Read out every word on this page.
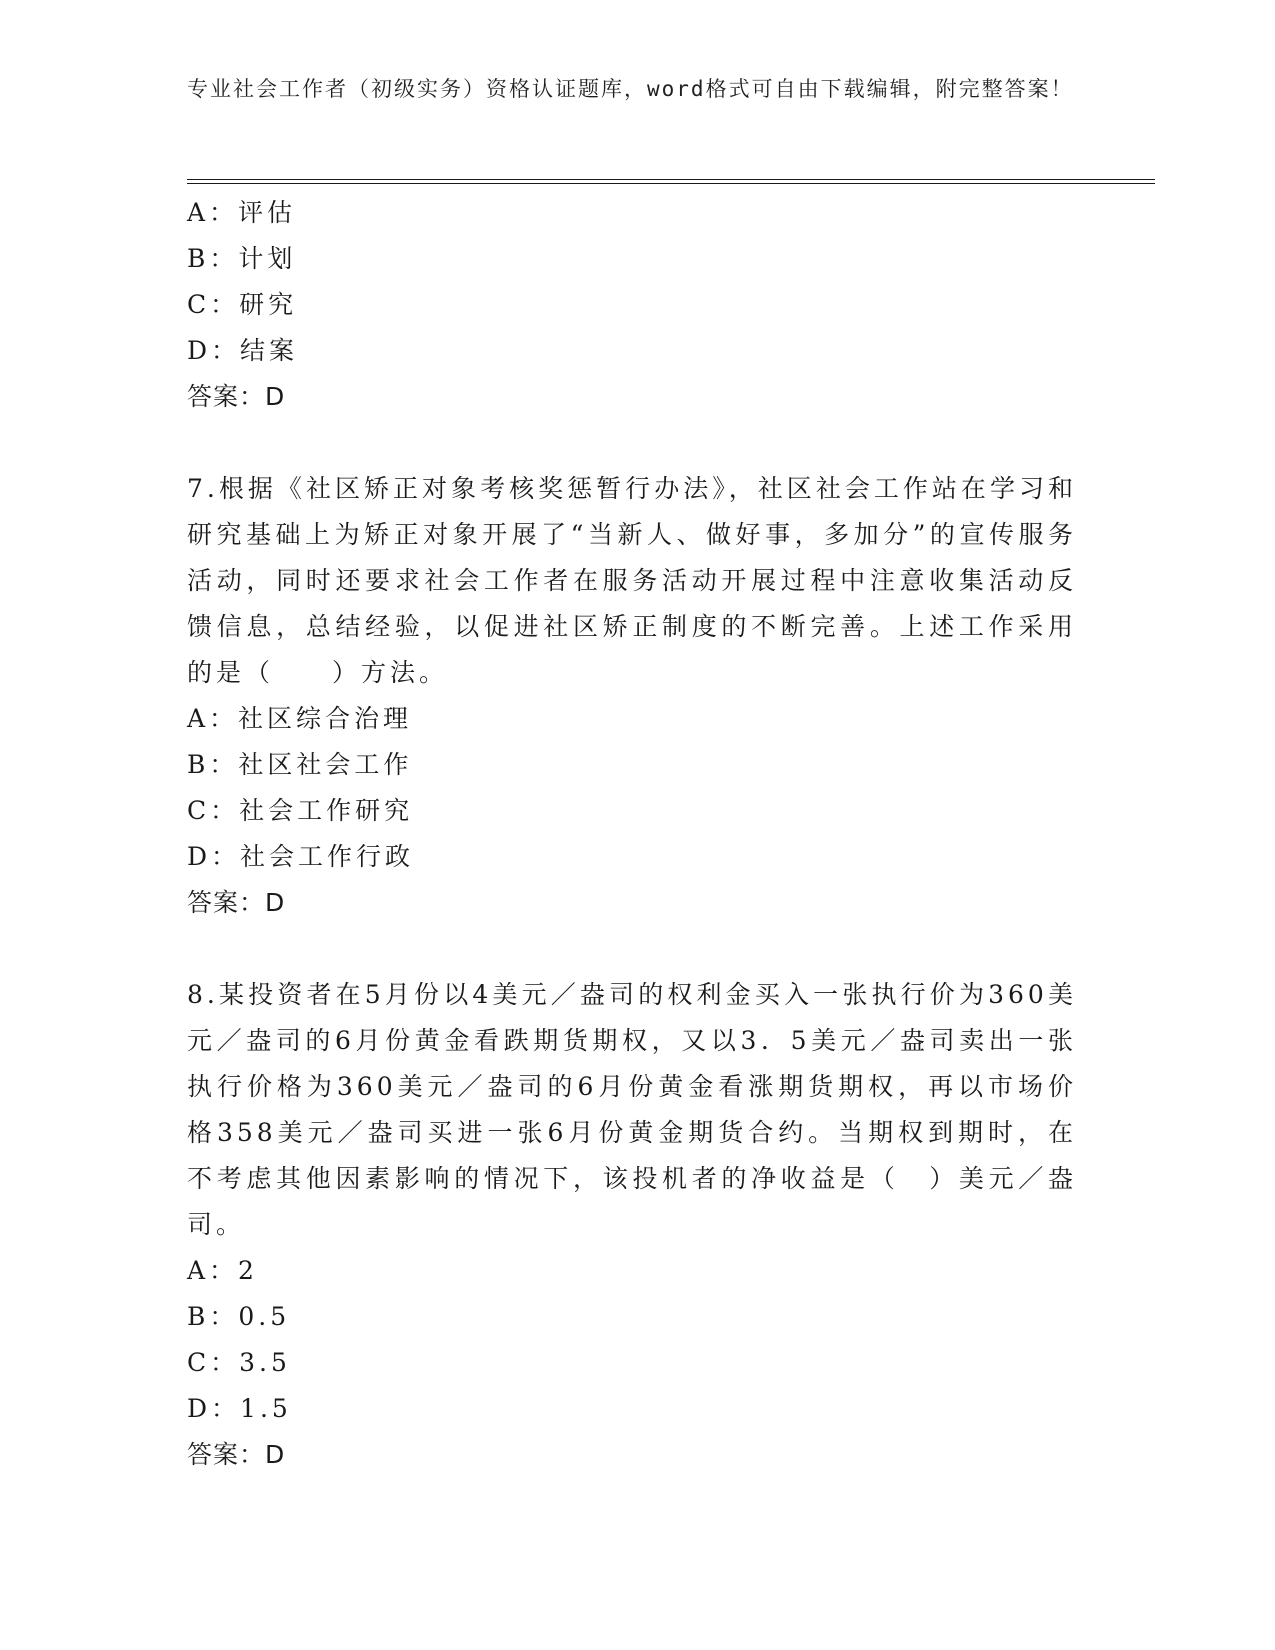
专业社会工作者（初级实务）资格认证题库，word格式可自由下载编辑，附完整答案！
A：评估
B：计划
C：研究
D：结案
答案：D
7.根据《社区矫正对象考核奖惩暂行办法》，社区社会工作站在学习和研究基础上为矫正对象开展了“当新人、做好事，多加分”的宣传服务活动，同时还要求社会工作者在服务活动开展过程中注意收集活动反馈信息，总结经验，以促进社区矫正制度的不断完善。上述工作采用的是（　　）方法。
A：社区综合治理
B：社区社会工作
C：社会工作研究
D：社会工作行政
答案：D
8.某投资者在5月份以4美元／盎司的权利金买入一张执行价为360美元／盎司的6月份黄金看跌期货期权，又以3．5美元／盎司卖出一张执行价格为360美元／盎司的6月份黄金看涨期货期权，再以市场价格358美元／盎司买进一张6月份黄金期货合约。当期权到期时，在不考虑其他因素影响的情况下，该投机者的净收益是（　）美元／盎司。
A：2
B：0.5
C：3.5
D：1.5
答案：D
